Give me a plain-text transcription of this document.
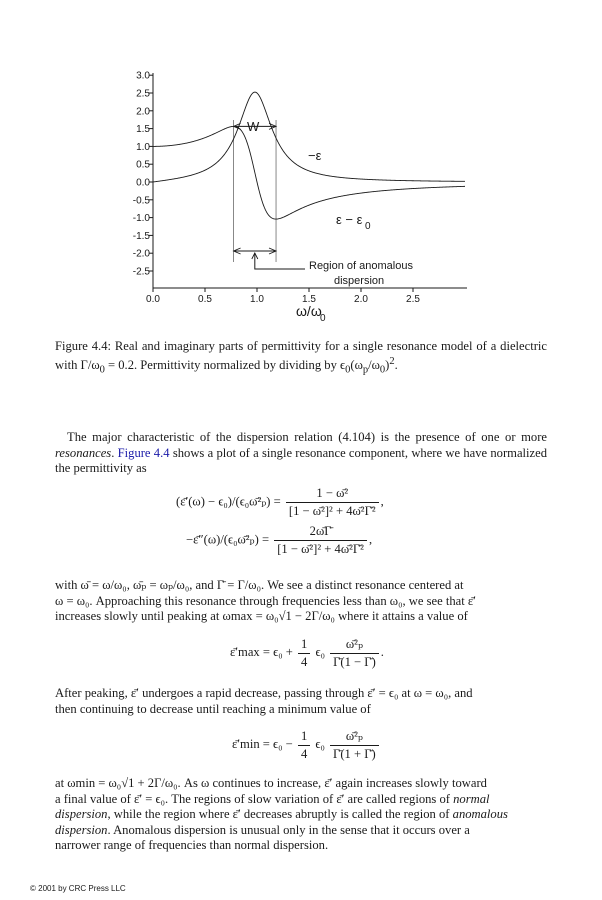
3.0
2.5
2.0
1.5
1.0
0.5
0.0
-0.5
-1.0
-1.5
-2.0
-2.5
0.0	0.5	1.0	1.5	2.0	2.5
−ε
ε − ε 0
W
Region of anomalous
dispersion
ω/ω
0
Figure 4.4: Real and imaginary parts of permittivity for a single resonance model of a dielectric with $\Gamma/\omega_0 = 0.2$. Permittivity normalized by dividing by $\epsilon_0(\omega_p/\omega_0)^2$.
The major characteristic of the dispersion relation (4.104) is the presence of one or more resonances. Figure 4.4 shows a plot of a single resonance component, where we have normalized the permittivity as
(ε̄′(ω) − ϵ₀)/(ϵ₀ω̄²ₚ) = $\frac{\text{1 − ω̄²}}{\text{[1 − ω̄²]² + 4ω̄²Γ̄²}}$ ,
−ε̄″(ω)/(ϵ₀ω̄²ₚ) = $\frac{2\omegā\Gammā}{\text{[1 − ω̄²]² + 4ω̄²Γ̄²}}$ ,
with ω̄ = ω/ω₀, ω̄ₚ = ωₚ/ω₀, and Γ̄ = Γ/ω₀. We see a distinct resonance centered at
ω = ω₀. Approaching this resonance through frequencies less than ω₀, we see that ε̄′
increases slowly until peaking at ωmax = ω₀√1 − 2Γ/ω₀ where it attains a value of
ε̄′max = $\epsilon_0 + \frac{1}{4} \epsilon_0 \frac{\text{ω̄²ₚ}}{\Gammā(1 - \Gammā)}$ .
After peaking, ε̄′ undergoes a rapid decrease, passing through ε̄′ = ϵ₀ at ω = ω₀, and
then continuing to decrease until reaching a minimum value of
ε̄′min = $\epsilon_0 - \frac{1}{4} \epsilon_0 \frac{\text{ω̄²ₚ}}{\Gammā(1 + \Gammā)}$
at ωmin = ω₀√1 + 2Γ/ω₀. As ω continues to increase, ε̄′ again increases slowly toward
a final value of ε̄′ = ϵ₀. The regions of slow variation of ε̄′ are called regions of normal
dispersion, while the region where ε̄′ decreases abruptly is called the region of anomalous
dispersion. Anomalous dispersion is unusual only in the sense that it occurs over a
narrower range of frequencies than normal dispersion.
© 2001 by CRC Press LLC
